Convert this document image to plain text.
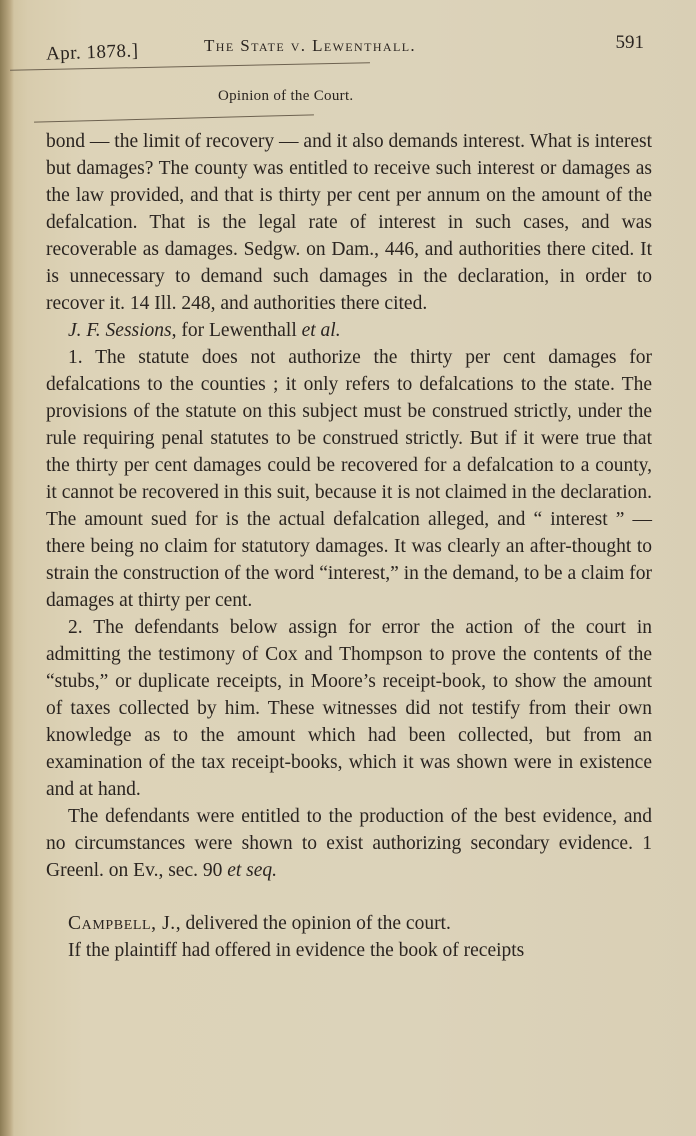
Apr. 1878.]	The State v. Lewenthall.	591
Opinion of the Court.

bond — the limit of recovery — and it also demands interest. What is interest but damages? The county was entitled to receive such interest or damages as the law provided, and that is thirty per cent per annum on the amount of the defalcation. That is the legal rate of interest in such cases, and was recoverable as damages. Sedgw. on Dam., 446, and authorities there cited. It is unnecessary to demand such damages in the declaration, in order to recover it. 14 Ill. 248, and authorities there cited.

J. F. Sessions, for Lewenthall et al.

1. The statute does not authorize the thirty per cent damages for defalcations to the counties ; it only refers to defalcations to the state. The provisions of the statute on this subject must be construed strictly, under the rule requiring penal statutes to be construed strictly. But if it were true that the thirty per cent damages could be recovered for a defalcation to a county, it cannot be recovered in this suit, because it is not claimed in the declaration. The amount sued for is the actual defalcation alleged, and “ interest ” — there being no claim for statutory damages. It was clearly an after-thought to strain the construction of the word “interest,” in the demand, to be a claim for damages at thirty per cent.

2. The defendants below assign for error the action of the court in admitting the testimony of Cox and Thompson to prove the contents of the “stubs,” or duplicate receipts, in Moore’s receipt-book, to show the amount of taxes collected by him. These witnesses did not testify from their own knowledge as to the amount which had been collected, but from an examination of the tax receipt-books, which it was shown were in existence and at hand.

The defendants were entitled to the production of the best evidence, and no circumstances were shown to exist authorizing secondary evidence. 1 Greenl. on Ev., sec. 90 et seq.

Campbell, J., delivered the opinion of the court.

If the plaintiff had offered in evidence the book of receipts
